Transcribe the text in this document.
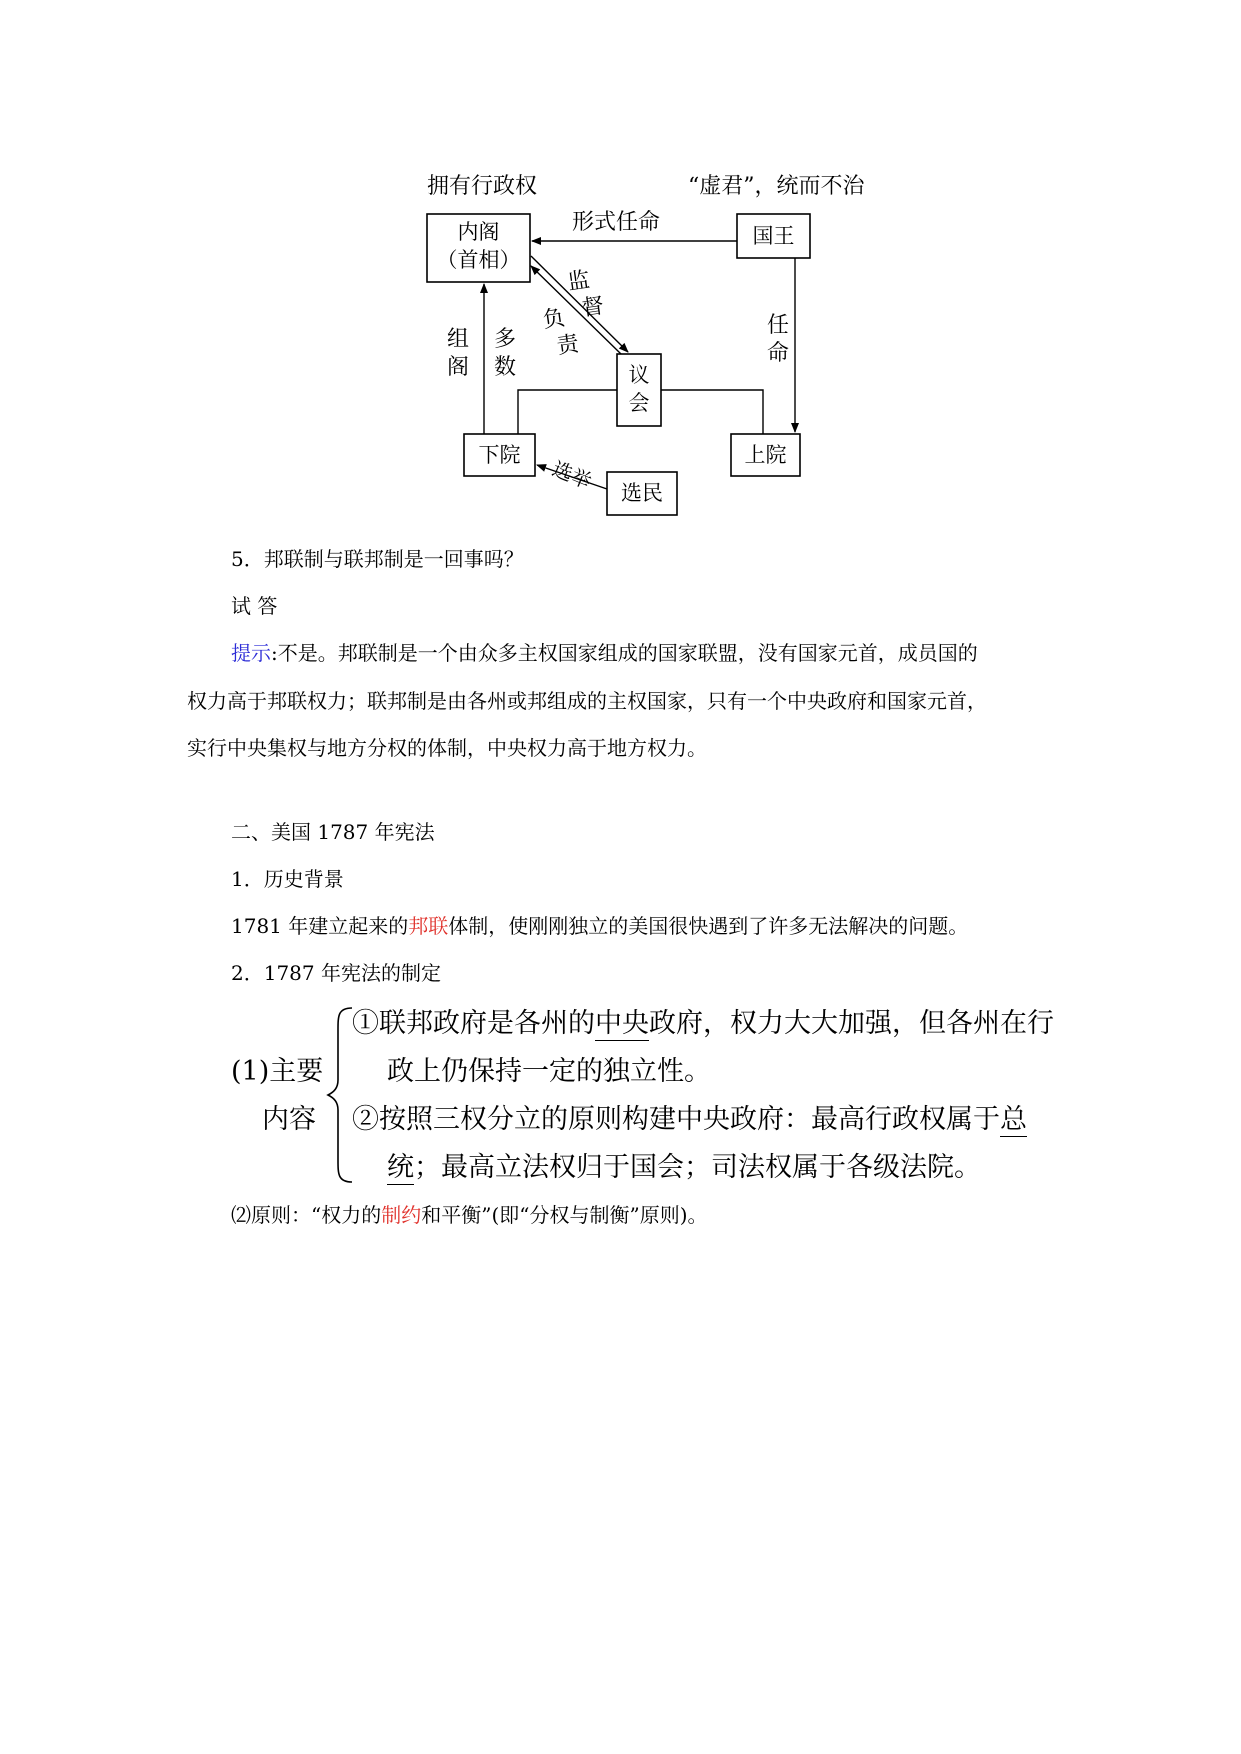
拥有行政权	“虚君”，统而不治
形式任命
内阁
（首相）
国王
议
会
下院	上院
选民
任
命
组
阁
多
数
负
责
监
督
选举
5．邦联制与联邦制是一回事吗？
试 答
提示:不是。邦联制是一个由众多主权国家组成的国家联盟，没有国家元首，成员国的
权力高于邦联权力；联邦制是由各州或邦组成的主权国家，只有一个中央政府和国家元首，
实行中央集权与地方分权的体制，中央权力高于地方权力。
二、美国 1787 年宪法
1．历史背景
1781 年建立起来的邦联体制，使刚刚独立的美国很快遇到了许多无法解决的问题。
2．1787 年宪法的制定
(1)主要
内容
①联邦政府是各州的中央政府，权力大大加强，但各州在行
政上仍保持一定的独立性。
②按照三权分立的原则构建中央政府：最高行政权属于总
统；最高立法权归于国会；司法权属于各级法院。
⑵原则：“权力的制约和平衡”(即“分权与制衡”原则)。
